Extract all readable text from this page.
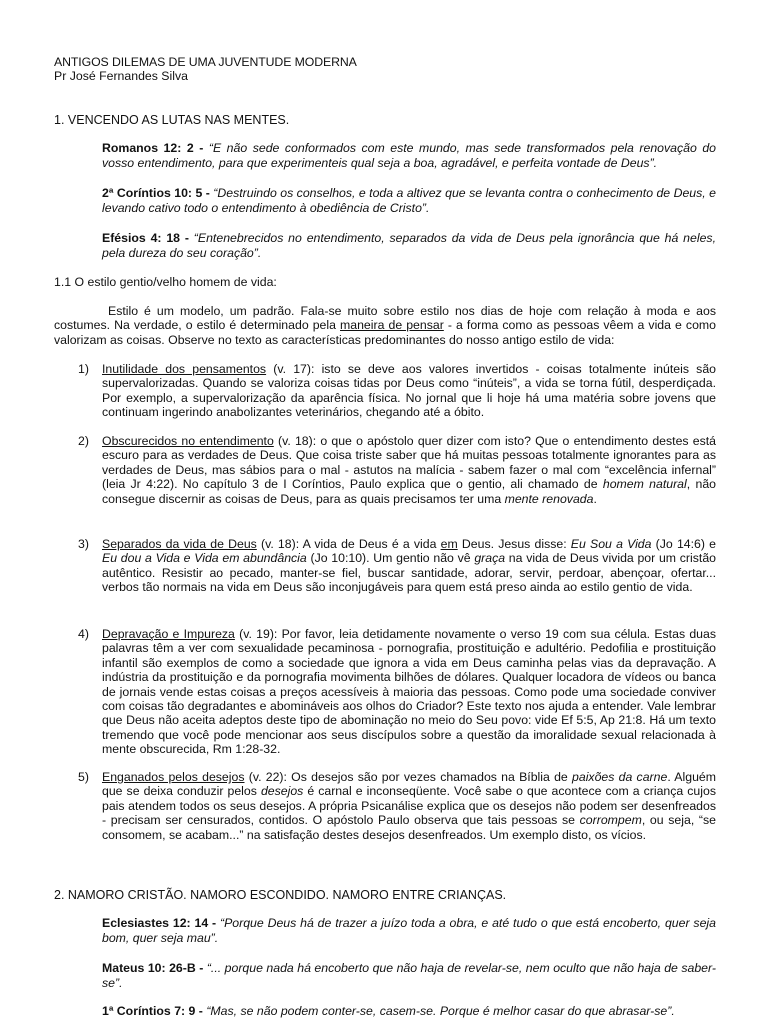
ANTIGOS DILEMAS DE UMA JUVENTUDE MODERNA
Pr José Fernandes Silva
1. VENCENDO AS LUTAS NAS MENTES.
Romanos 12: 2 - “E não sede conformados com este mundo, mas sede transformados pela renovação do vosso entendimento, para que experimenteis qual seja a boa, agradável, e perfeita vontade de Deus”.
2ª Coríntios 10: 5 - “Destruindo os conselhos, e toda a altivez que se levanta contra o conhecimento de Deus, e levando cativo todo o entendimento à obediência de Cristo”.
Efésios 4: 18 - “Entenebrecidos no entendimento, separados da vida de Deus pela ignorância que há neles, pela dureza do seu coração”.
1.1 O estilo gentio/velho homem de vida:
Estilo é um modelo, um padrão. Fala-se muito sobre estilo nos dias de hoje com relação à moda e aos costumes. Na verdade, o estilo é determinado pela maneira de pensar - a forma como as pessoas vêem a vida e como valorizam as coisas. Observe no texto as características predominantes do nosso antigo estilo de vida:
1) Inutilidade dos pensamentos (v. 17): isto se deve aos valores invertidos - coisas totalmente inúteis são supervalorizadas. Quando se valoriza coisas tidas por Deus como “inúteis”, a vida se torna fútil, desperdiçada. Por exemplo, a supervalorização da aparência física. No jornal que li hoje há uma matéria sobre jovens que continuam ingerindo anabolizantes veterinários, chegando até a óbito.
2) Obscurecidos no entendimento (v. 18): o que o apóstolo quer dizer com isto? Que o entendimento destes está escuro para as verdades de Deus. Que coisa triste saber que há muitas pessoas totalmente ignorantes para as verdades de Deus, mas sábios para o mal - astutos na malícia - sabem fazer o mal com “excelência infernal” (leia Jr 4:22). No capítulo 3 de I Coríntios, Paulo explica que o gentio, ali chamado de homem natural, não consegue discernir as coisas de Deus, para as quais precisamos ter uma mente renovada.
3) Separados da vida de Deus (v. 18): A vida de Deus é a vida em Deus. Jesus disse: Eu Sou a Vida (Jo 14:6) e Eu dou a Vida e Vida em abundância (Jo 10:10). Um gentio não vê graça na vida de Deus vivida por um cristão autêntico. Resistir ao pecado, manter-se fiel, buscar santidade, adorar, servir, perdoar, abençoar, ofertar... verbos tão normais na vida em Deus são inconjugáveis para quem está preso ainda ao estilo gentio de vida.
4) Depravação e Impureza (v. 19): Por favor, leia detidamente novamente o verso 19 com sua célula. Estas duas palavras têm a ver com sexualidade pecaminosa - pornografia, prostituição e adultério. Pedofilia e prostituição infantil são exemplos de como a sociedade que ignora a vida em Deus caminha pelas vias da depravação. A indústria da prostituição e da pornografia movimenta bilhões de dólares. Qualquer locadora de vídeos ou banca de jornais vende estas coisas a preços acessíveis à maioria das pessoas. Como pode uma sociedade conviver com coisas tão degradantes e abomináveis aos olhos do Criador? Este texto nos ajuda a entender. Vale lembrar que Deus não aceita adeptos deste tipo de abominação no meio do Seu povo: vide Ef 5:5, Ap 21:8. Há um texto tremendo que você pode mencionar aos seus discípulos sobre a questão da imoralidade sexual relacionada à mente obscurecida, Rm 1:28-32.
5) Enganados pelos desejos (v. 22): Os desejos são por vezes chamados na Bíblia de paixões da carne. Alguém que se deixa conduzir pelos desejos é carnal e inconseqüente. Você sabe o que acontece com a criança cujos pais atendem todos os seus desejos. A própria Psicanálise explica que os desejos não podem ser desenfreados - precisam ser censurados, contidos. O apóstolo Paulo observa que tais pessoas se corrompem, ou seja, “se consomem, se acabam...” na satisfação destes desejos desenfreados. Um exemplo disto, os vícios.
2. NAMORO CRISTÃO. NAMORO ESCONDIDO. NAMORO ENTRE CRIANÇAS.
Eclesiastes 12: 14 - “Porque Deus há de trazer a juízo toda a obra, e até tudo o que está encoberto, quer seja bom, quer seja mau”.
Mateus 10: 26-B - “... porque nada há encoberto que não haja de revelar-se, nem oculto que não haja de saber-se”.
1ª Coríntios 7: 9 - “Mas, se não podem conter-se, casem-se. Porque é melhor casar do que abrasar-se”.
